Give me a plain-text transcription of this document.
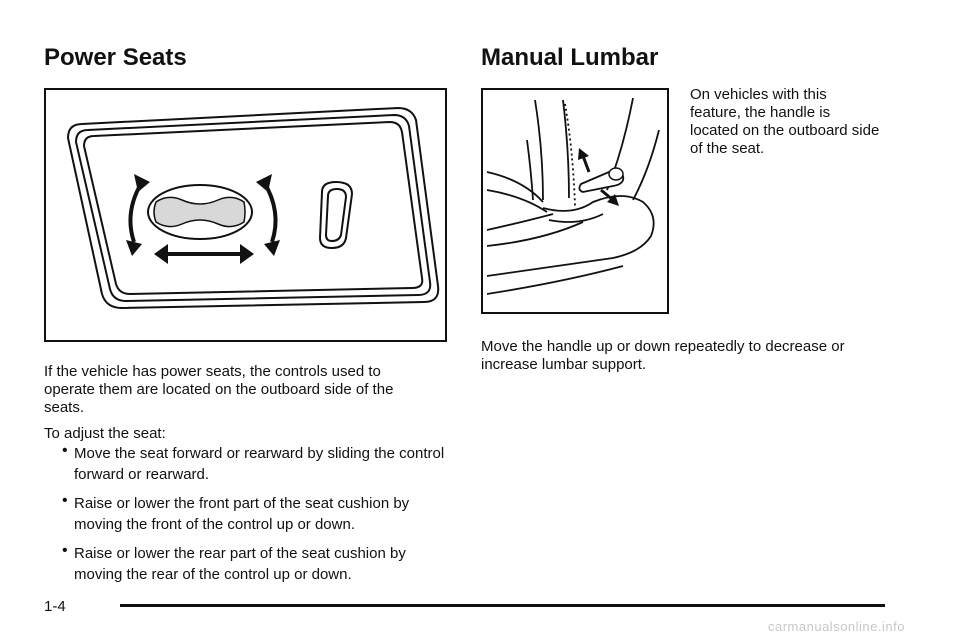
Power Seats

If the vehicle has power seats, the controls used to operate them are located on the outboard side of the seats.

To adjust the seat:

• Move the seat forward or rearward by sliding the control forward or rearward.
• Raise or lower the front part of the seat cushion by moving the front of the control up or down.
• Raise or lower the rear part of the seat cushion by moving the rear of the control up or down.
Manual Lumbar

On vehicles with this feature, the handle is located on the outboard side of the seat.

Move the handle up or down repeatedly to decrease or increase lumbar support.

1-4
carmanualsonline.info
